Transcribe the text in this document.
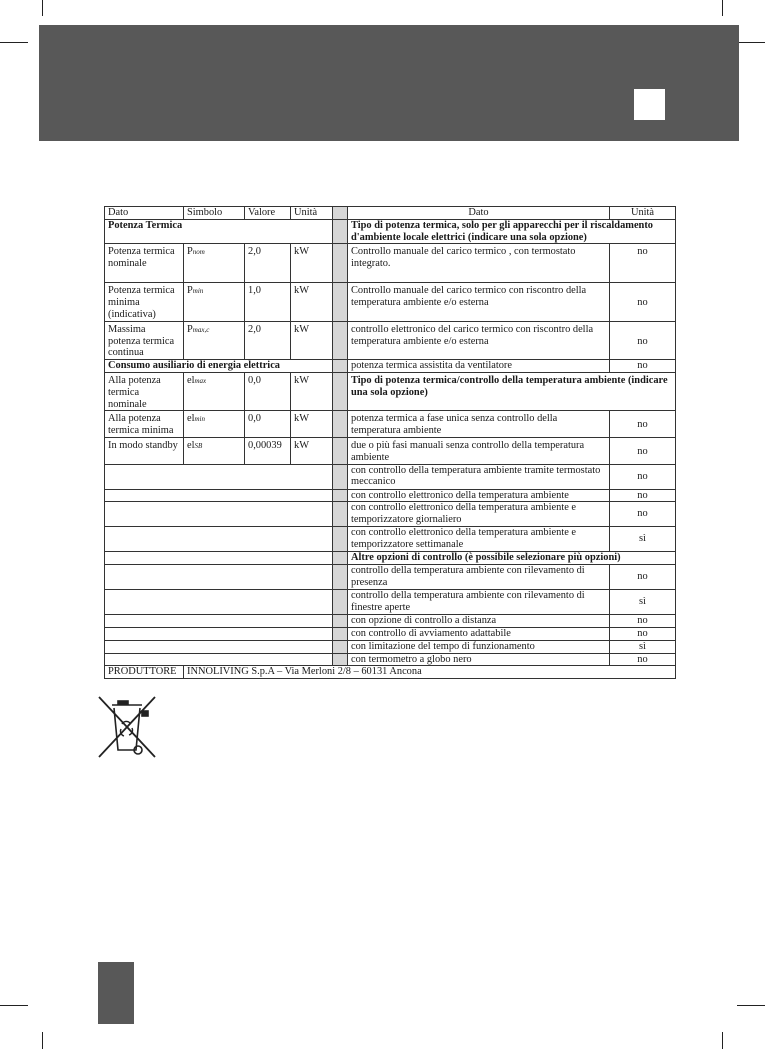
Dato	Simbolo	Valore	Unità		Dato	Unità
Potenza Termica					Tipo di potenza termica, solo per gli apparecchi per il riscaldamento d'ambiente locale elettrici (indicare una sola opzione)	
Potenza termica nominale	Pnom	2,0	kW		Controllo manuale del carico termico , con termostato integrato.	no
Potenza termica minima (indicativa)	Pmin	1,0	kW		Controllo manuale del carico termico con riscontro della temperatura ambiente e/o esterna	no
Massima potenza termica continua	Pmax,c	2,0	kW		controllo elettronico del carico termico con riscontro della temperatura ambiente e/o esterna	no
Consumo ausiliario di energia elettrica					potenza termica assistita da ventilatore	no
Alla potenza termica nominale	elmax	0,0	kW		Tipo di potenza termica/controllo della temperatura ambiente (indicare una sola opzione)	
Alla potenza termica minima	elmin	0,0	kW		potenza termica a fase unica senza controllo della temperatura ambiente	no
In modo standby	elSB	0,00039	kW		due o più fasi manuali senza controllo della temperatura ambiente	no
					con controllo della temperatura ambiente tramite termostato meccanico	no
					con controllo elettronico della temperatura ambiente	no
					con controllo elettronico della temperatura ambiente e temporizzatore giornaliero	no
					con controllo elettronico della temperatura ambiente e temporizzatore settimanale	sì
					Altre opzioni di controllo (è possibile selezionare più opzioni)	
					controllo della temperatura ambiente con rilevamento di presenza	no
					controllo della temperatura ambiente con rilevamento di finestre aperte	sì
					con opzione di controllo a distanza	no
					con controllo di avviamento adattabile	no
					con limitazione del tempo di funzionamento	sì
					con termometro a globo nero	no
PRODUTTORE	INNOLIVING S.p.A – Via Merloni 2/8 – 60131 Ancona					
